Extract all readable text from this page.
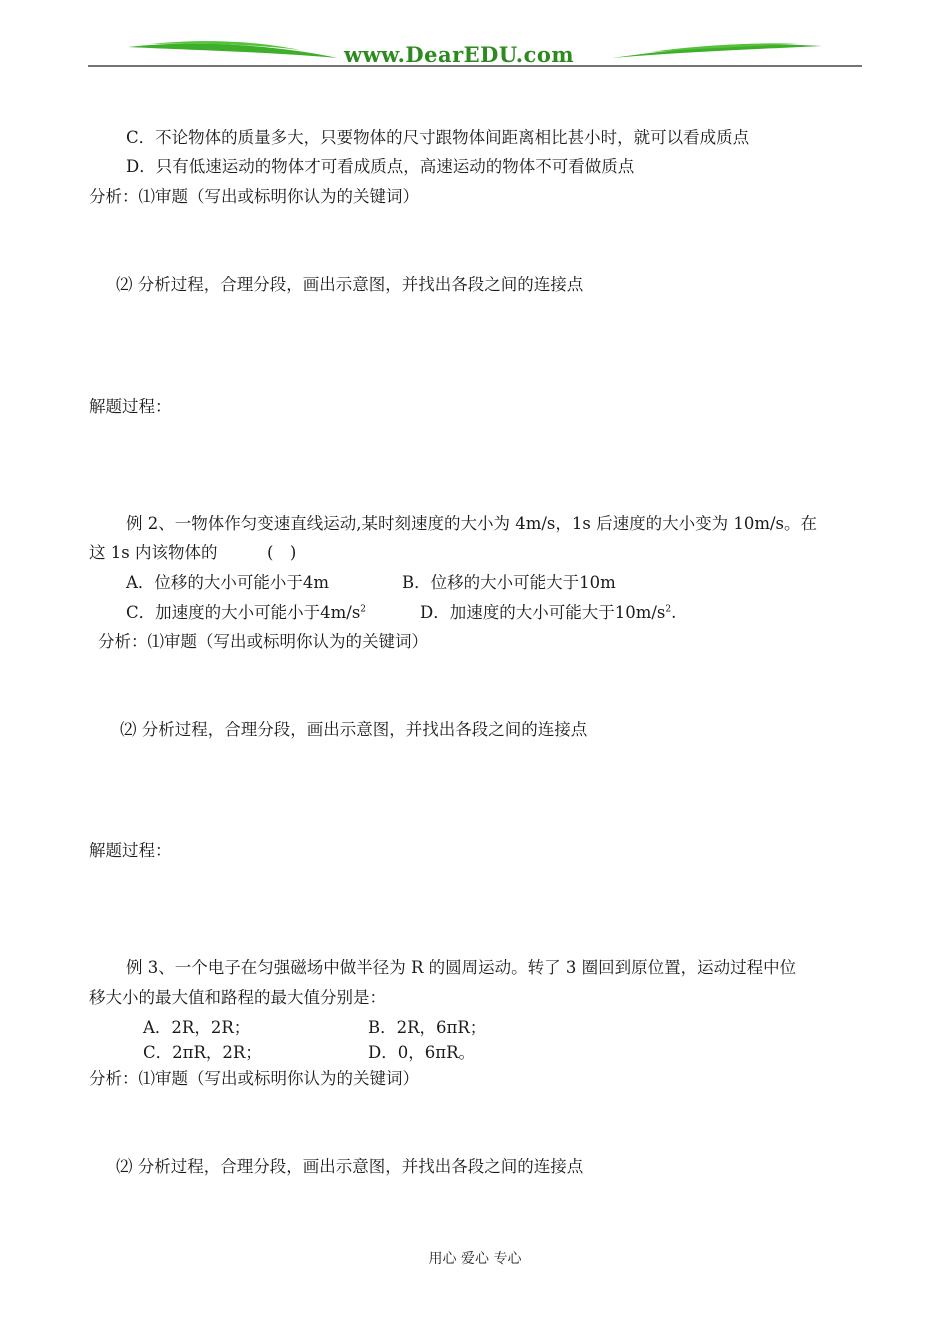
www.DearEDU.com
C．不论物体的质量多大，只要物体的尺寸跟物体间距离相比甚小时，就可以看成质点
D．只有低速运动的物体才可看成质点，高速运动的物体不可看做质点
分析：⑴审题（写出或标明你认为的关键词）
⑵ 分析过程，合理分段，画出示意图，并找出各段之间的连接点
解题过程：
例 2、一物体作匀变速直线运动,某时刻速度的大小为 4m/s，1s 后速度的大小变为 10m/s。在
这 1s 内该物体的　　　(　)
A．位移的大小可能小于4m	B．位移的大小可能大于10m
C．加速度的大小可能小于$4m/s^2$	D．加速度的大小可能大于$10m/s^2$.
分析：⑴审题（写出或标明你认为的关键词）
⑵ 分析过程，合理分段，画出示意图，并找出各段之间的连接点
解题过程：
例 3、一个电子在匀强磁场中做半径为 R 的圆周运动。转了 3 圈回到原位置，运动过程中位
移大小的最大值和路程的最大值分别是：
A．2R，2R；	B．2R，6πR；
C．2πR，2R；	D．0，6πR。
分析：⑴审题（写出或标明你认为的关键词）
⑵ 分析过程，合理分段，画出示意图，并找出各段之间的连接点
用心 爱心 专心
